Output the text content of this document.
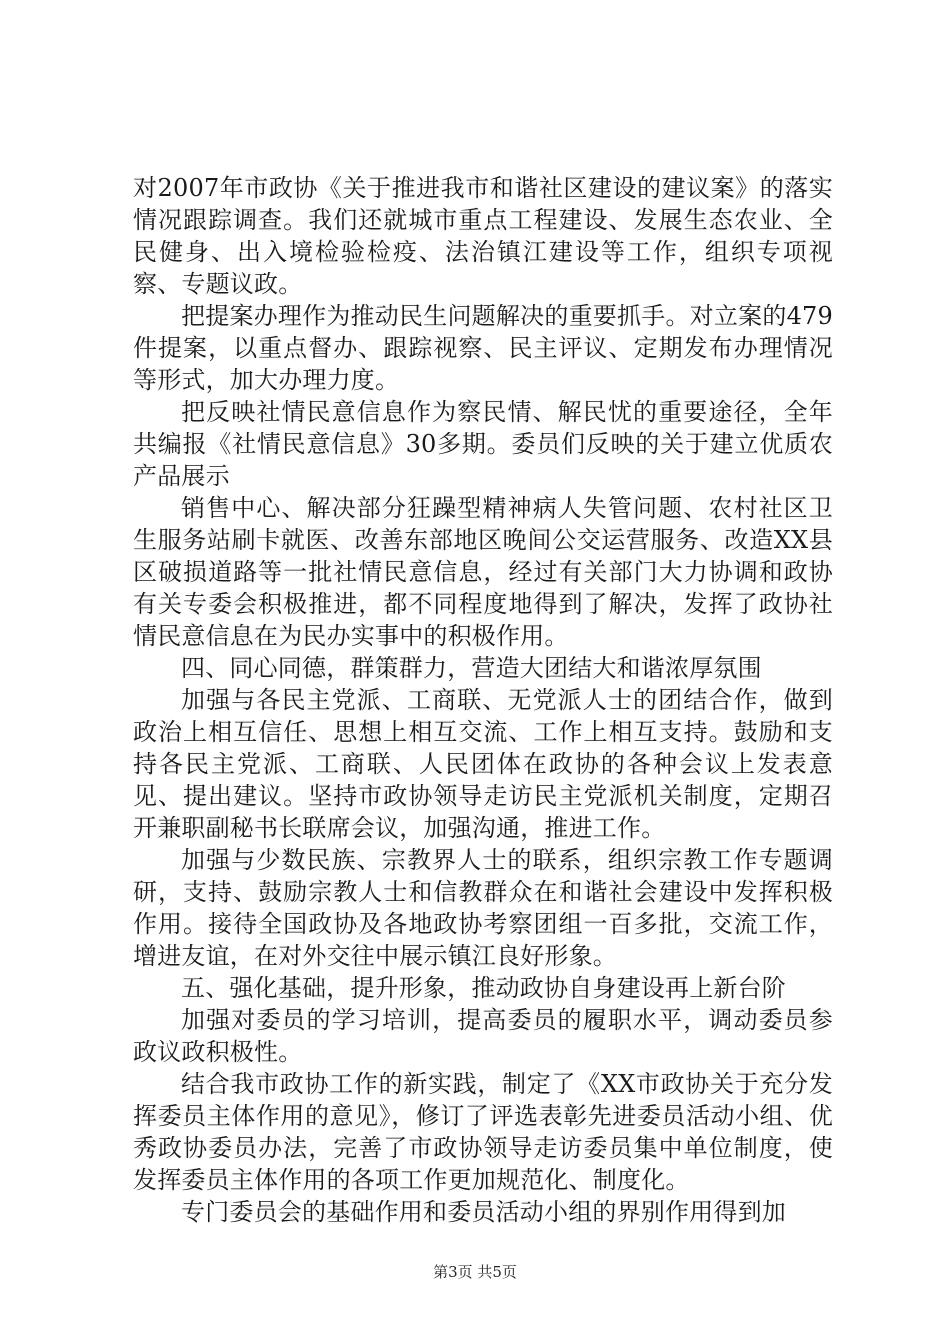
对2007年市政协《关于推进我市和谐社区建设的建议案》的落实情况跟踪调查。我们还就城市重点工程建设、发展生态农业、全民健身、出入境检验检疫、法治镇江建设等工作，组织专项视察、专题议政。

把提案办理作为推动民生问题解决的重要抓手。对立案的479件提案，以重点督办、跟踪视察、民主评议、定期发布办理情况等形式，加大办理力度。

把反映社情民意信息作为察民情、解民忧的重要途径，全年共编报《社情民意信息》30多期。委员们反映的关于建立优质农产品展示

销售中心、解决部分狂躁型精神病人失管问题、农村社区卫生服务站刷卡就医、改善东部地区晚间公交运营服务、改造XX县区破损道路等一批社情民意信息，经过有关部门大力协调和政协有关专委会积极推进，都不同程度地得到了解决，发挥了政协社情民意信息在为民办实事中的积极作用。

四、同心同德，群策群力，营造大团结大和谐浓厚氛围

加强与各民主党派、工商联、无党派人士的团结合作，做到政治上相互信任、思想上相互交流、工作上相互支持。鼓励和支持各民主党派、工商联、人民团体在政协的各种会议上发表意见、提出建议。坚持市政协领导走访民主党派机关制度，定期召开兼职副秘书长联席会议，加强沟通，推进工作。

加强与少数民族、宗教界人士的联系，组织宗教工作专题调研，支持、鼓励宗教人士和信教群众在和谐社会建设中发挥积极作用。接待全国政协及各地政协考察团组一百多批，交流工作，增进友谊，在对外交往中展示镇江良好形象。

五、强化基础，提升形象，推动政协自身建设再上新台阶

加强对委员的学习培训，提高委员的履职水平，调动委员参政议政积极性。

结合我市政协工作的新实践，制定了《XX市政协关于充分发挥委员主体作用的意见》，修订了评选表彰先进委员活动小组、优秀政协委员办法，完善了市政协领导走访委员集中单位制度，使发挥委员主体作用的各项工作更加规范化、制度化。

专门委员会的基础作用和委员活动小组的界别作用得到加

第3页 共5页
